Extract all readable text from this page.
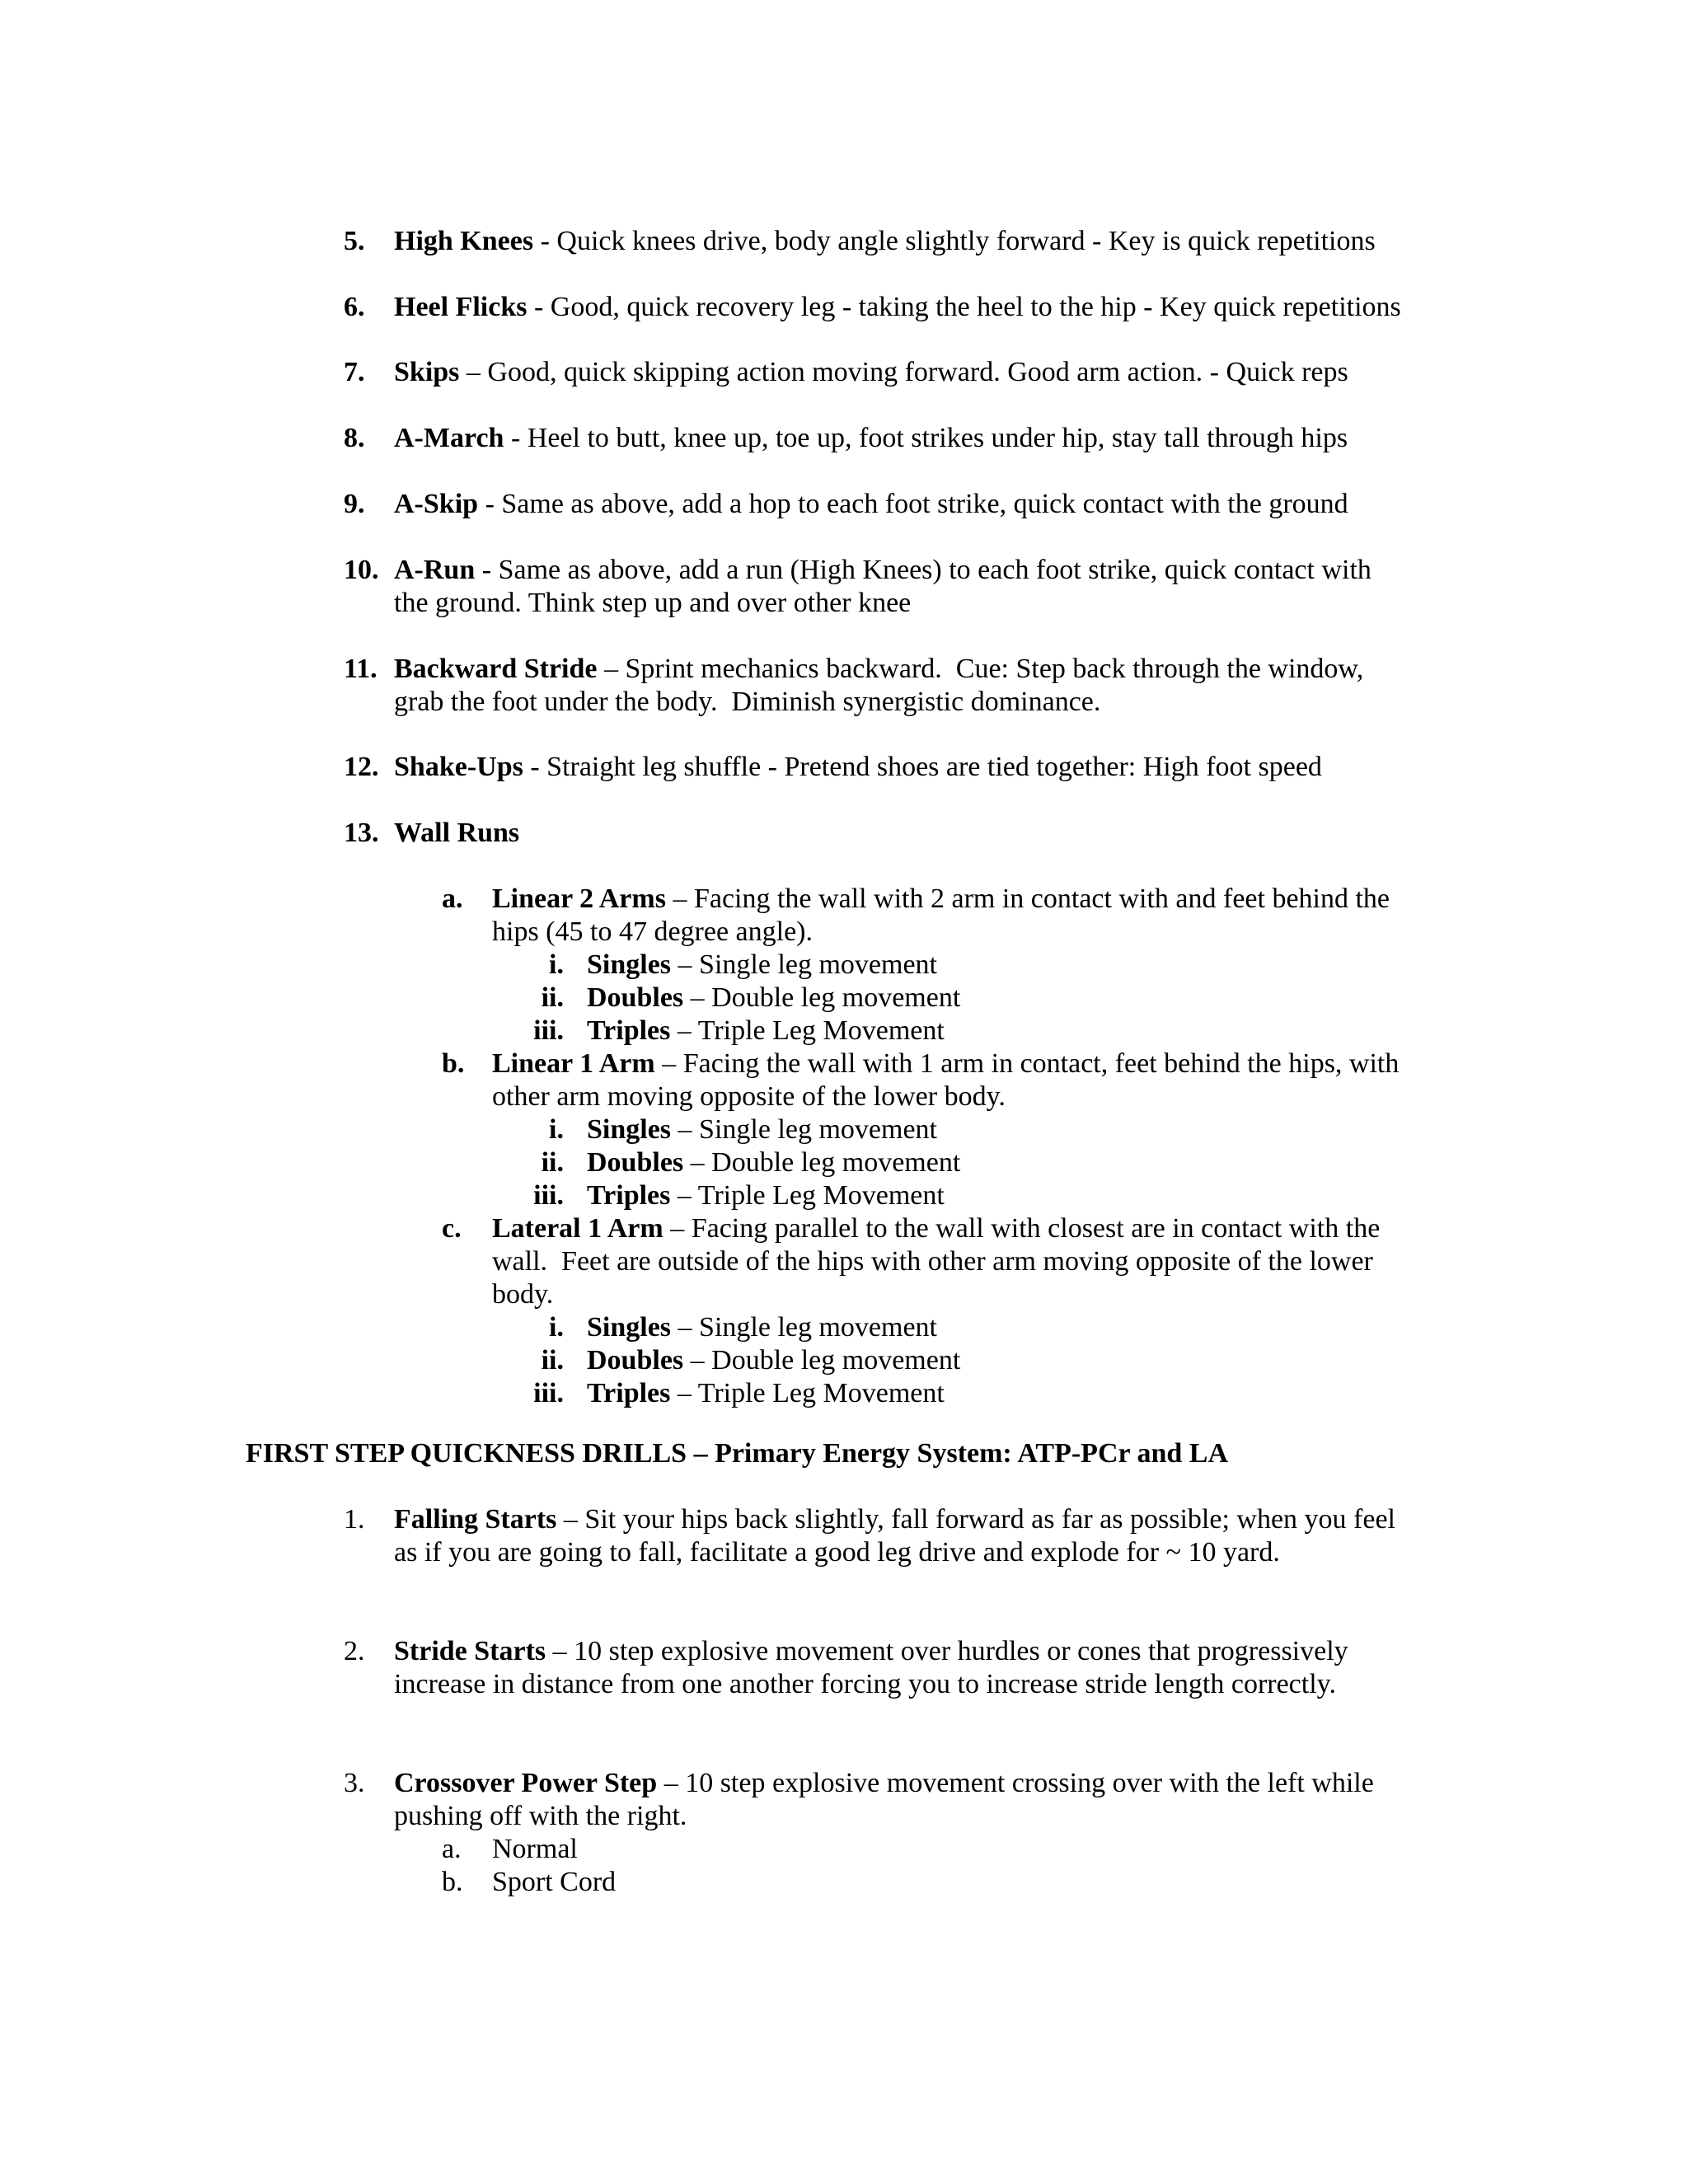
5. High Knees - Quick knees drive, body angle slightly forward - Key is quick repetitions
6. Heel Flicks - Good, quick recovery leg - taking the heel to the hip - Key quick repetitions
7. Skips – Good, quick skipping action moving forward. Good arm action. - Quick reps
8. A-March - Heel to butt, knee up, toe up, foot strikes under hip, stay tall through hips
9. A-Skip - Same as above, add a hop to each foot strike, quick contact with the ground
10. A-Run - Same as above, add a run (High Knees) to each foot strike, quick contact with
the ground. Think step up and over other knee
11. Backward Stride – Sprint mechanics backward.  Cue: Step back through the window,
grab the foot under the body.  Diminish synergistic dominance.
12. Shake-Ups - Straight leg shuffle - Pretend shoes are tied together: High foot speed
13. Wall Runs
a. Linear 2 Arms – Facing the wall with 2 arm in contact with and feet behind the
hips (45 to 47 degree angle).
i. Singles – Single leg movement
ii. Doubles – Double leg movement
iii. Triples – Triple Leg Movement
b. Linear 1 Arm – Facing the wall with 1 arm in contact, feet behind the hips, with
other arm moving opposite of the lower body.
i. Singles – Single leg movement
ii. Doubles – Double leg movement
iii. Triples – Triple Leg Movement
c. Lateral 1 Arm – Facing parallel to the wall with closest are in contact with the
wall.  Feet are outside of the hips with other arm moving opposite of the lower
body.
i. Singles – Single leg movement
ii. Doubles – Double leg movement
iii. Triples – Triple Leg Movement
FIRST STEP QUICKNESS DRILLS – Primary Energy System: ATP-PCr and LA
1. Falling Starts – Sit your hips back slightly, fall forward as far as possible; when you feel
as if you are going to fall, facilitate a good leg drive and explode for ~ 10 yard.
2. Stride Starts – 10 step explosive movement over hurdles or cones that progressively
increase in distance from one another forcing you to increase stride length correctly.
3. Crossover Power Step – 10 step explosive movement crossing over with the left while
pushing off with the right.
a. Normal
b. Sport Cord
